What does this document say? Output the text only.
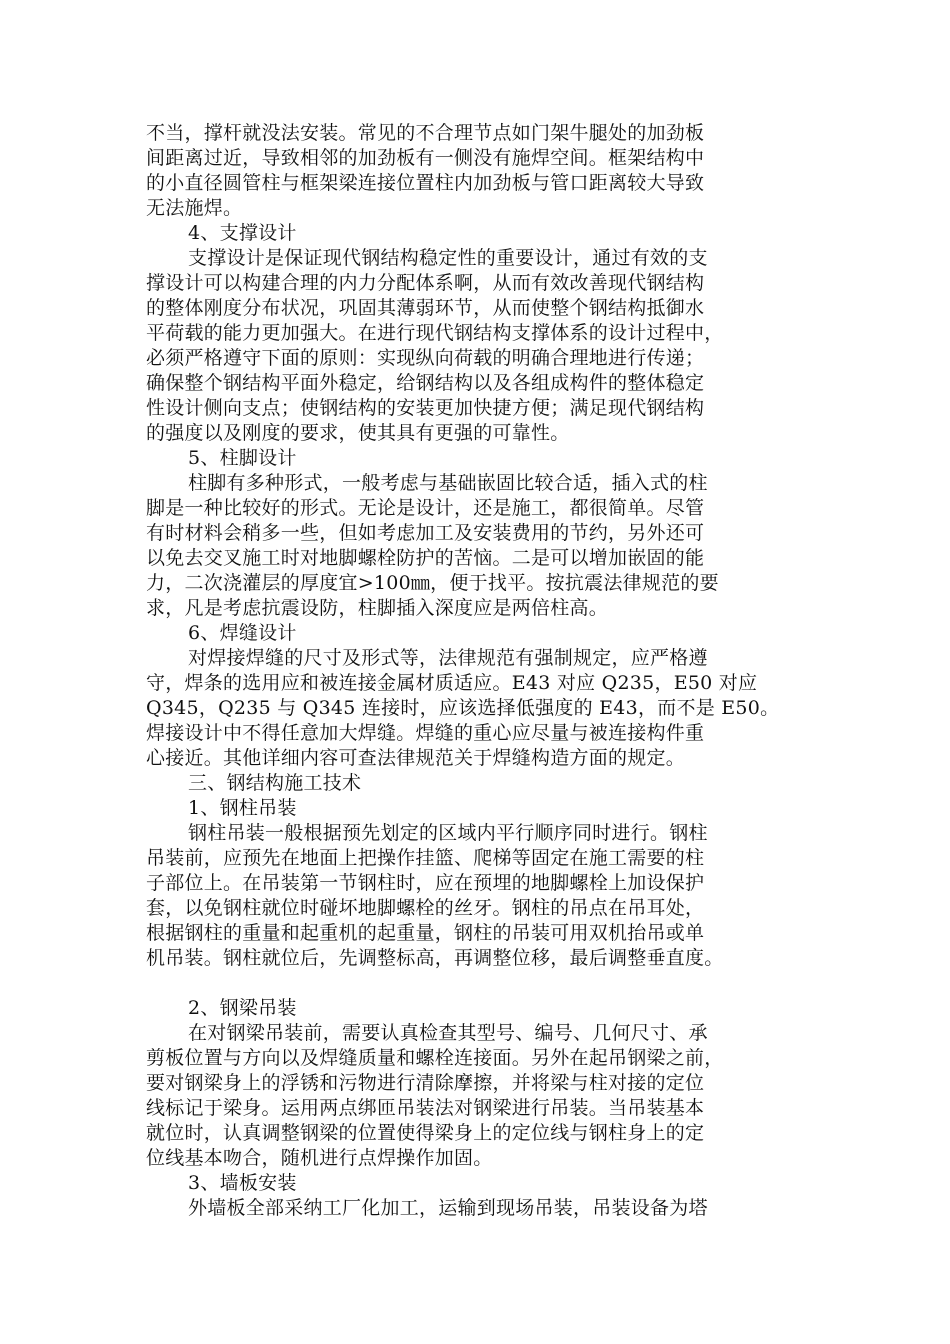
不当，撑杆就没法安装。常见的不合理节点如门架牛腿处的加劲板
间距离过近，导致相邻的加劲板有一侧没有施焊空间。框架结构中
的小直径圆管柱与框架梁连接位置柱内加劲板与管口距离较大导致
无法施焊。
4、支撑设计
支撑设计是保证现代钢结构稳定性的重要设计，通过有效的支
撑设计可以构建合理的内力分配体系啊，从而有效改善现代钢结构
的整体刚度分布状况，巩固其薄弱环节，从而使整个钢结构抵御水
平荷载的能力更加强大。在进行现代钢结构支撑体系的设计过程中，
必须严格遵守下面的原则：实现纵向荷载的明确合理地进行传递；
确保整个钢结构平面外稳定，给钢结构以及各组成构件的整体稳定
性设计侧向支点；使钢结构的安装更加快捷方便；满足现代钢结构
的强度以及刚度的要求，使其具有更强的可靠性。
5、柱脚设计
柱脚有多种形式，一般考虑与基础嵌固比较合适，插入式的柱
脚是一种比较好的形式。无论是设计，还是施工，都很简单。尽管
有时材料会稍多一些，但如考虑加工及安装费用的节约，另外还可
以免去交叉施工时对地脚螺栓防护的苦恼。二是可以增加嵌固的能
力，二次浇灌层的厚度宜>100㎜，便于找平。按抗震法律规范的要
求，凡是考虑抗震设防，柱脚插入深度应是两倍柱高。
6、焊缝设计
对焊接焊缝的尺寸及形式等，法律规范有强制规定，应严格遵
守，焊条的选用应和被连接金属材质适应。E43 对应 Q235，E50 对应
Q345，Q235 与 Q345 连接时，应该选择低强度的 E43，而不是 E50。
焊接设计中不得任意加大焊缝。焊缝的重心应尽量与被连接构件重
心接近。其他详细内容可查法律规范关于焊缝构造方面的规定。
三、钢结构施工技术
1、钢柱吊装
钢柱吊装一般根据预先划定的区域内平行顺序同时进行。钢柱
吊装前，应预先在地面上把操作挂篮、爬梯等固定在施工需要的柱
子部位上。在吊装第一节钢柱时，应在预埋的地脚螺栓上加设保护
套，以免钢柱就位时碰坏地脚螺栓的丝牙。钢柱的吊点在吊耳处，
根据钢柱的重量和起重机的起重量，钢柱的吊装可用双机抬吊或单
机吊装。钢柱就位后，先调整标高，再调整位移，最后调整垂直度。
2、钢梁吊装
在对钢梁吊装前，需要认真检查其型号、编号、几何尺寸、承
剪板位置与方向以及焊缝质量和螺栓连接面。另外在起吊钢梁之前，
要对钢梁身上的浮锈和污物进行清除摩擦，并将梁与柱对接的定位
线标记于梁身。运用两点绑匝吊装法对钢梁进行吊装。当吊装基本
就位时，认真调整钢梁的位置使得梁身上的定位线与钢柱身上的定
位线基本吻合，随机进行点焊操作加固。
3、墙板安装
外墙板全部采纳工厂化加工，运输到现场吊装，吊装设备为塔
